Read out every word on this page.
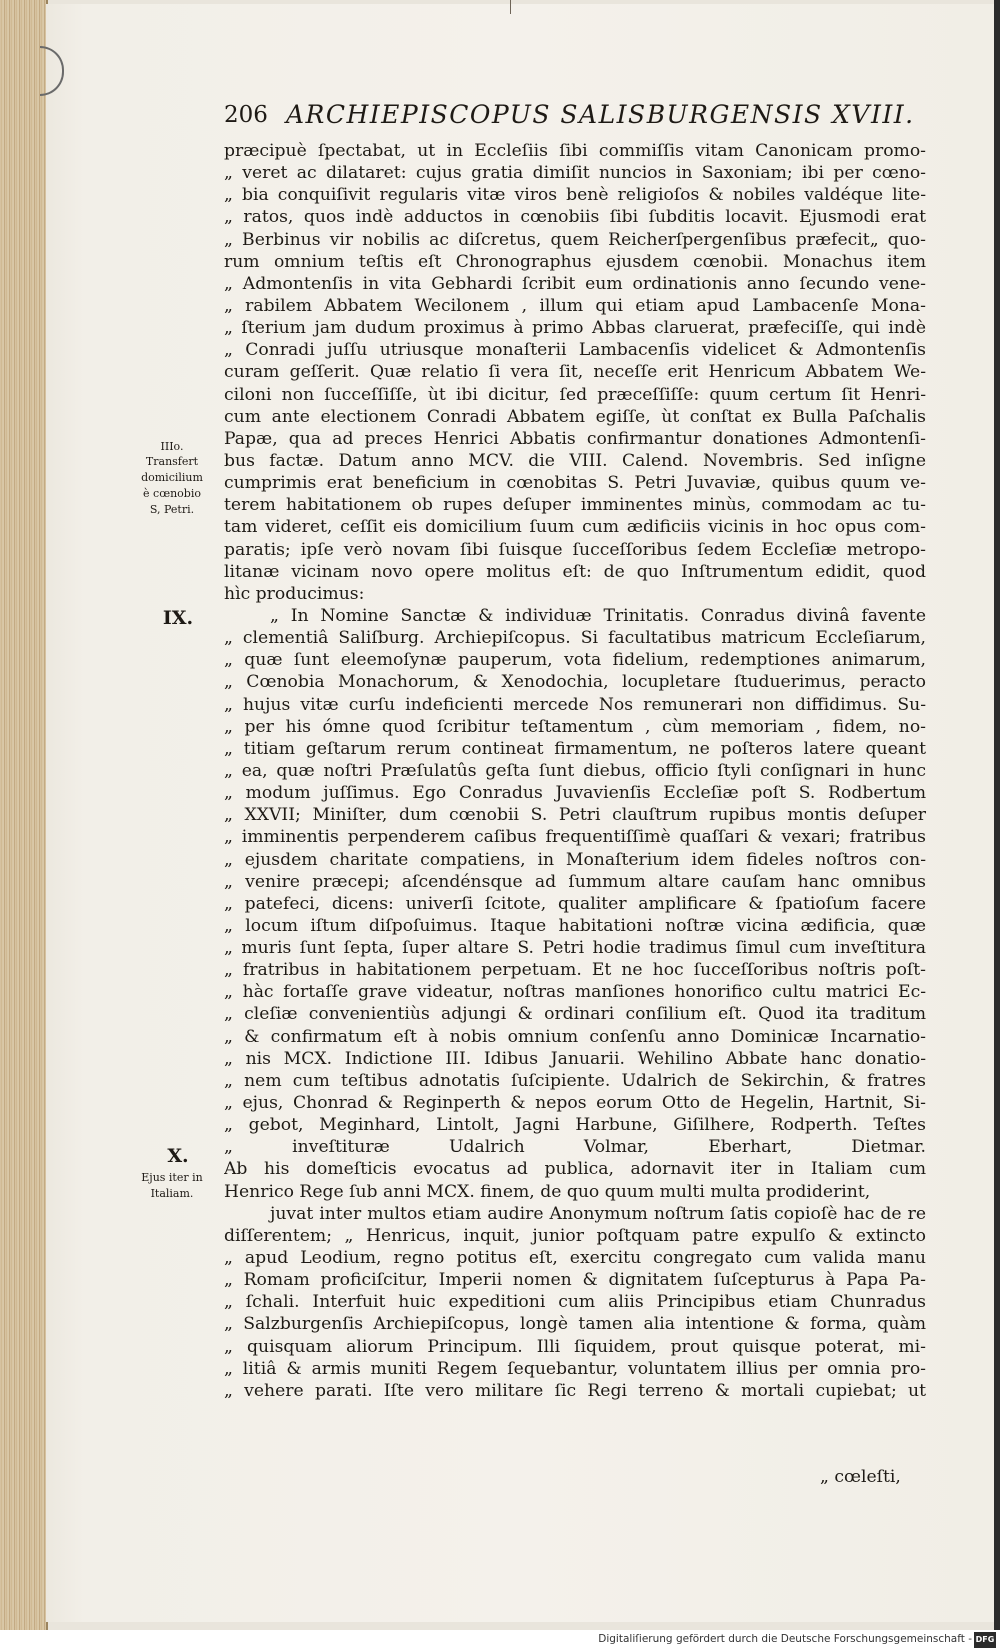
206 ARCHIEPISCOPUS SALISBURGENSIS XVIII.
IIIo.
Transfert
domicilium
è cœnobio
S, Petri.
IX.
X.
Ejus iter in
Italiam.
præcipuè ſpectabat, ut in Eccleſiis ſibi commiſſis vitam Canonicam promo-
„ veret ac dilataret: cujus gratia dimiſit nuncios in Saxoniam; ibi per cœno-
„ bia conquiſivit regularis vitæ viros benè religioſos & nobiles valdéque lite-
„ ratos, quos indè adductos in cœnobiis ſibi ſubditis locavit. Ejusmodi erat
„ Berbinus vir nobilis ac diſcretus, quem Reicherſpergenſibus præfecit„ quo-
rum omnium teſtis eſt Chronographus ejusdem cœnobii. Monachus item
„ Admontenſis in vita Gebhardi ſcribit eum ordinationis anno ſecundo vene-
„ rabilem Abbatem Wecilonem , illum qui etiam apud Lambacenſe Mona-
„ ſterium jam dudum proximus à primo Abbas claruerat, præfeciſſe, qui indè
„ Conradi juſſu utriusque monaſterii Lambacenſis videlicet & Admontenſis
curam geſſerit. Quæ relatio ſi vera ſit, neceſſe erit Henricum Abbatem We-
ciloni non ſucceſſiſſe, ùt ibi dicitur, ſed præceſſiſſe: quum certum ſit Henri-
cum ante electionem Conradi Abbatem egiſſe, ùt conſtat ex Bulla Paſchalis
Papæ, qua ad preces Henrici Abbatis confirmantur donationes Admontenſi-
bus factæ. Datum anno MCV. die VIII. Calend. Novembris. Sed inſigne
cumprimis erat beneficium in cœnobitas S. Petri Juvaviæ, quibus quum ve-
terem habitationem ob rupes deſuper imminentes minùs, commodam ac tu-
tam videret, ceſſit eis domicilium ſuum cum ædificiis vicinis in hoc opus com-
paratis; ipſe verò novam ſibi ſuisque ſucceſſoribus ſedem Eccleſiæ metropo-
litanæ vicinam novo opere molitus eſt: de quo Inſtrumentum edidit, quod
hìc producimus:
„ In Nomine Sanctæ & individuæ Trinitatis. Conradus divinâ favente
„ clementiâ Saliſburg. Archiepiſcopus. Si facultatibus matricum Eccleſiarum,
„ quæ ſunt eleemoſynæ pauperum, vota fidelium, redemptiones animarum,
„ Cœnobia Monachorum, & Xenodochia, locupletare ſtuduerimus, peracto
„ hujus vitæ curſu indeficienti mercede Nos remunerari non diffidimus. Su-
„ per his ómne quod ſcribitur teſtamentum , cùm memoriam , fidem, no-
„ titiam geſtarum rerum contineat firmamentum, ne poſteros latere queant
„ ea, quæ noſtri Præſulatûs geſta ſunt diebus, officio ſtyli conſignari in hunc
„ modum juſſimus. Ego Conradus Juvavienſis Eccleſiæ poſt S. Rodbertum
„ XXVII; Miniſter, dum cœnobii S. Petri clauſtrum rupibus montis deſuper
„ imminentis perpenderem caſibus frequentiſſimè quaſſari & vexari; fratribus
„ ejusdem charitate compatiens, in Monaſterium idem fideles noſtros con-
„ venire præcepi; aſcendénsque ad ſummum altare cauſam hanc omnibus
„ patefeci, dicens: univerſi ſcitote, qualiter amplificare & ſpatioſum facere
„ locum iſtum diſpoſuimus. Itaque habitationi noſtræ vicina ædificia, quæ
„ muris ſunt ſepta, ſuper altare S. Petri hodie tradimus ſimul cum inveſtitura
„ fratribus in habitationem perpetuam. Et ne hoc ſucceſſoribus noſtris poſt-
„ hàc fortaſſe grave videatur, noſtras manſiones honorifico cultu matrici Ec-
„ cleſiæ convenientiùs adjungi & ordinari conſilium eſt. Quod ita traditum
„ & confirmatum eſt à nobis omnium conſenſu anno Dominicæ Incarnatio-
„ nis MCX. Indictione III. Idibus Januarii. Wehilino Abbate hanc donatio-
„ nem cum teſtibus adnotatis ſuſcipiente. Udalrich de Sekirchin, & fratres
„ ejus, Chonrad & Reginperth & nepos eorum Otto de Hegelin, Hartnit, Si-
„ gebot, Meginhard, Lintolt, Jagni Harbune, Giſilhere, Rodperth. Teſtes
„ inveſtituræ Udalrich Volmar, Eberhart, Dietmar.
Ab his domeſticis evocatus ad publica, adornavit iter in Italiam cum
Henrico Rege ſub anni MCX. finem, de quo quum multi multa prodiderint,
juvat inter multos etiam audire Anonymum noſtrum ſatis copioſè hac de re
diſſerentem; „ Henricus, inquit, junior poſtquam patre expulſo & extincto
„ apud Leodium, regno potitus eſt, exercitu congregato cum valida manu
„ Romam proficiſcitur, Imperii nomen & dignitatem ſuſcepturus à Papa Pa-
„ ſchali. Interfuit huic expeditioni cum aliis Principibus etiam Chunradus
„ Salzburgenſis Archiepiſcopus, longè tamen alia intentione & forma, quàm
„ quisquam aliorum Principum. Illi ſiquidem, prout quisque poterat, mi-
„ litiâ & armis muniti Regem ſequebantur, voluntatem illius per omnia pro-
„ vehere parati. Iſte vero militare ſic Regi terreno & mortali cupiebat; ut
„ cœleſti,
Digitaliſierung gefördert durch die Deutsche Forschungsgemeinschaft - DFG
